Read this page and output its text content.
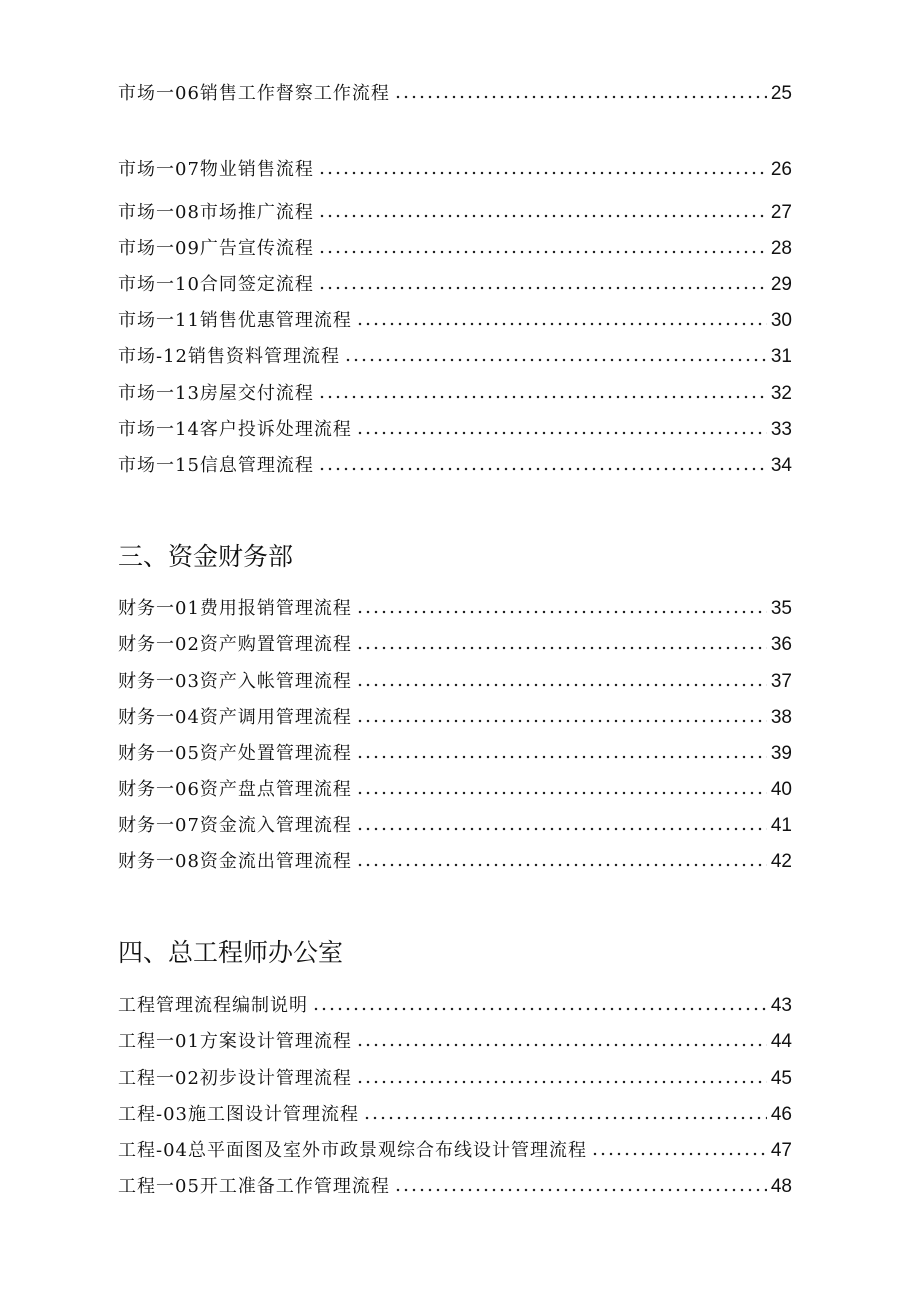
市场一06销售工作督察工作流程	25
市场一07物业销售流程	26
市场一08市场推广流程	27
市场一09广告宣传流程	28
市场一10合同签定流程	29
市场一11销售优惠管理流程	30
市场-12销售资料管理流程	31
市场一13房屋交付流程	32
市场一14客户投诉处理流程	33
市场一15信息管理流程	34
三、资金财务部
财务一01费用报销管理流程	35
财务一02资产购置管理流程	36
财务一03资产入帐管理流程	37
财务一04资产调用管理流程	38
财务一05资产处置管理流程	39
财务一06资产盘点管理流程	40
财务一07资金流入管理流程	41
财务一08资金流出管理流程	42
四、总工程师办公室
工程管理流程编制说明	43
工程一01方案设计管理流程	44
工程一02初步设计管理流程	45
工程-03施工图设计管理流程	46
工程-04总平面图及室外市政景观综合布线设计管理流程	47
工程一05开工准备工作管理流程	48
